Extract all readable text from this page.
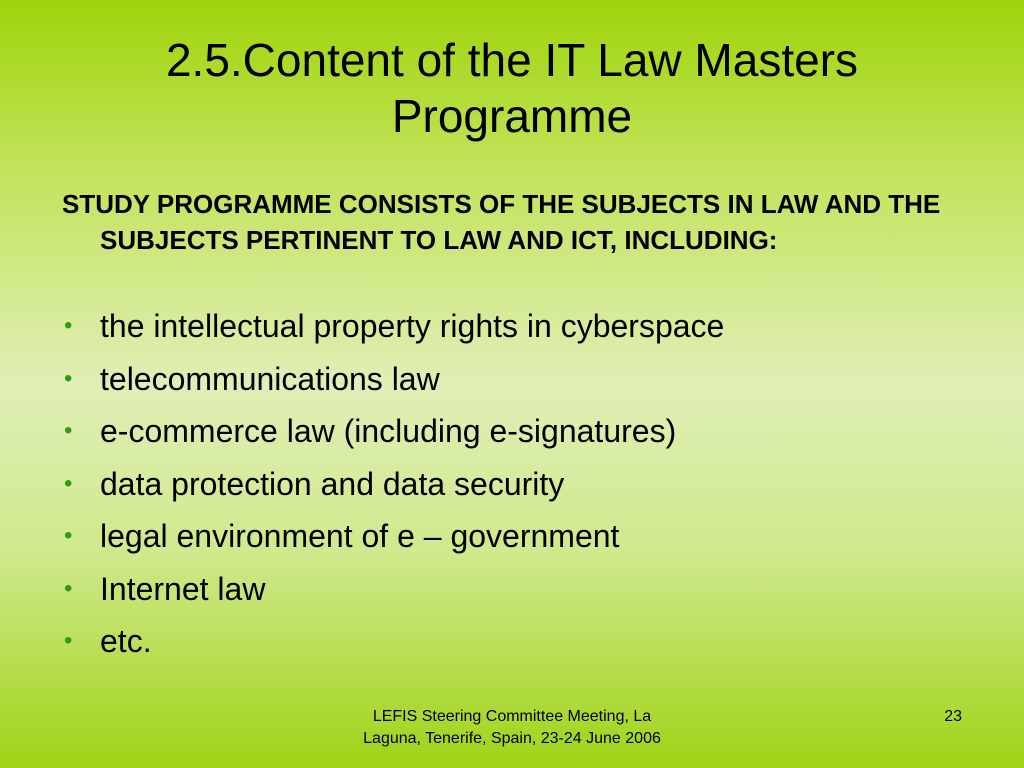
2.5.Content of the IT Law Masters Programme
STUDY PROGRAMME CONSISTS OF THE SUBJECTS IN LAW AND THE SUBJECTS PERTINENT TO LAW AND ICT, INCLUDING:
• the intellectual property rights in cyberspace
• telecommunications law
• e-commerce law (including e-signatures)
• data protection and data security
• legal environment of e – government
• Internet law
• etc.
LEFIS Steering Committee Meeting, La Laguna, Tenerife, Spain, 23-24 June 2006
23
